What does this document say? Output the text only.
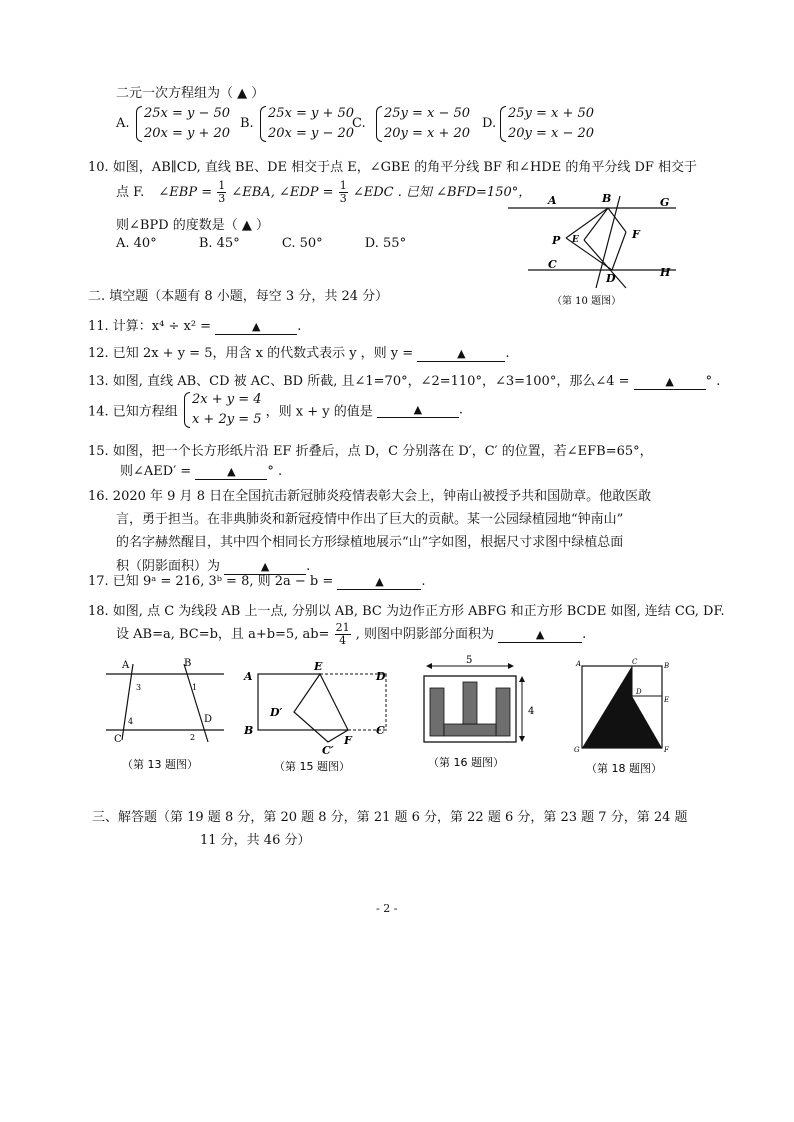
二元一次方程组为（ ▲ ）
A.
25x = y − 50
20x = y + 20
B.
25x = y + 50
20x = y − 20
C.
25y = x − 50
20y = x + 20
D.
25y = x + 50
20y = x − 20
10. 如图，AB∥CD, 直线 BE、DE 相交于点 E，∠GBE 的角平分线 BF 和∠HDE 的角平分线 DF 相交于
点 F. ∠EBP = $\frac{1}{3}$ ∠EBA, ∠EDP = $\frac{1}{3}$ ∠EDC . 已知 ∠BFD=150°，
则∠BPD 的度数是（ ▲ ）
A. 40°	B. 45°	C. 50°	D. 55°
A	B	G
P E	F
C
D	H
（第 10 题图）
二. 填空题（本题有 8 小题，每空 3 分，共 24 分）
11. 计算：x⁴ ÷ x² =	▲	.
12. 已知 2x + y = 5，用含 x 的代数式表示 y ，则 y =	▲	.
13. 如图, 直线 AB、CD 被 AC、BD 所截, 且∠1=70°，∠2=110°，∠3=100°，那么∠4 =	▲ ° .
14. 已知方程组
2x + y = 4
x + 2y = 5 ，则 x + y 的值是	▲	.
15. 如图，把一个长方形纸片沿 EF 折叠后，点 D，C 分别落在 D′，C′ 的位置，若∠EFB=65°，
则∠AED′ =	▲ ° .
16. 2020 年 9 月 8 日在全国抗击新冠肺炎疫情表彰大会上，钟南山被授予共和国勋章。他敢医敢
言，勇于担当。在非典肺炎和新冠疫情中作出了巨大的贡献。某一公园绿植园地“钟南山”
的名字赫然醒目，其中四个相同长方形绿植地展示“山”字如图，根据尺寸求图中绿植总面
积（阴影面积）为	▲	.
17. 已知 9ᵃ = 216, 3ᵇ = 8, 则 2a − b =	▲	.
18. 如图, 点 C 为线段 AB 上一点, 分别以 AB, BC 为边作正方形 ABFG 和正方形 BCDE 如图, 连结 CG, DF.
设 AB=a, BC=b，且 a+b=5, $ab= \frac{21}{4}$ , 则图中阴影部分面积为	▲	.
A	B
C
D
1
2
3
4
（第 13 题图）
A
B
E
D
D′
F
C
C′
（第 15 题图）
5
4
（第 16 题图）
A	C	B
D
E
G	F
（第 18 题图）
三、解答题（第 19 题 8 分，第 20 题 8 分，第 21 题 6 分，第 22 题 6 分，第 23 题 7 分，第 24 题
11 分，共 46 分）
- 2 -
